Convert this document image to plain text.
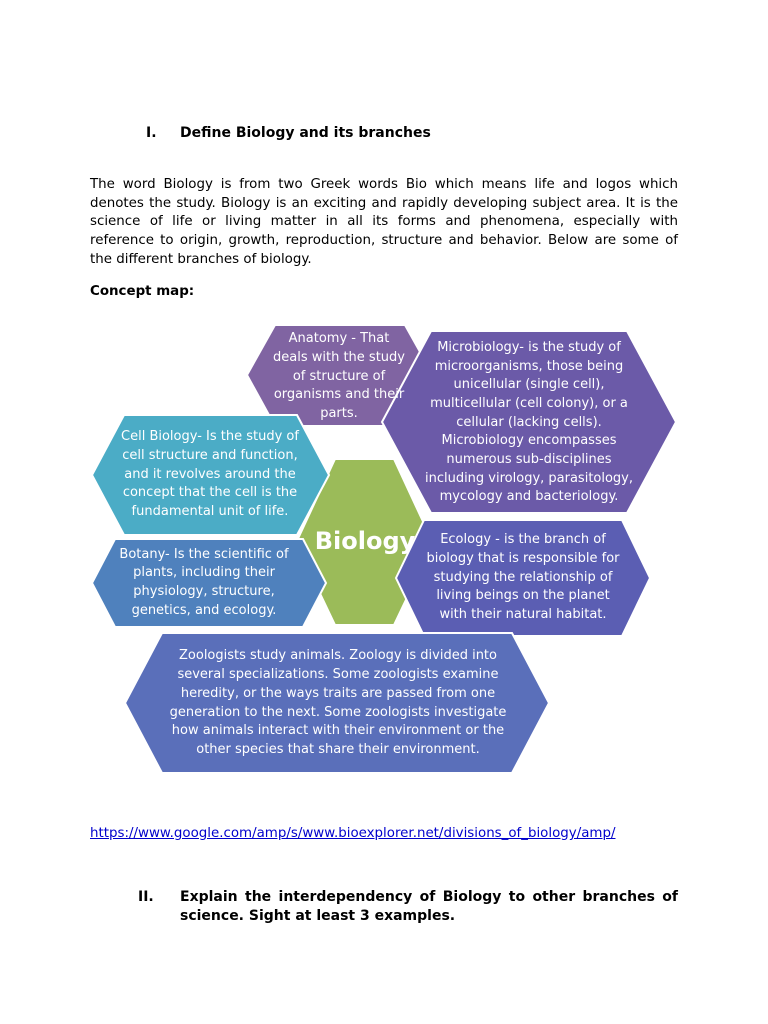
I. Define Biology and its branches
The word Biology is from two Greek words Bio which means life and logos which denotes the study. Biology is an exciting and rapidly developing subject area. It is the science of life or living matter in all its forms and phenomena, especially with reference to origin, growth, reproduction, structure and behavior. Below are some of the different branches of biology.
Concept map:
Biology
Anatomy - That deals with the study of structure of organisms and their parts.
Microbiology- is the study of microorganisms, those being unicellular (single cell), multicellular (cell colony), or a cellular (lacking cells). Microbiology encompasses numerous sub-disciplines including virology, parasitology, mycology and bacteriology.
Cell Biology- Is the study of cell structure and function, and it revolves around the concept that the cell is the fundamental unit of life.
Botany- Is the scientific of plants, including their physiology, structure, genetics, and ecology.
Ecology - is the branch of biology that is responsible for studying the relationship of living beings on the planet with their natural habitat.
Zoologists study animals. Zoology is divided into several specializations. Some zoologists examine heredity, or the ways traits are passed from one generation to the next. Some zoologists investigate how animals interact with their environment or the other species that share their environment.
https://www.google.com/amp/s/www.bioexplorer.net/divisions_of_biology/amp/
II. Explain the interdependency of Biology to other branches of science. Sight at least 3 examples.
